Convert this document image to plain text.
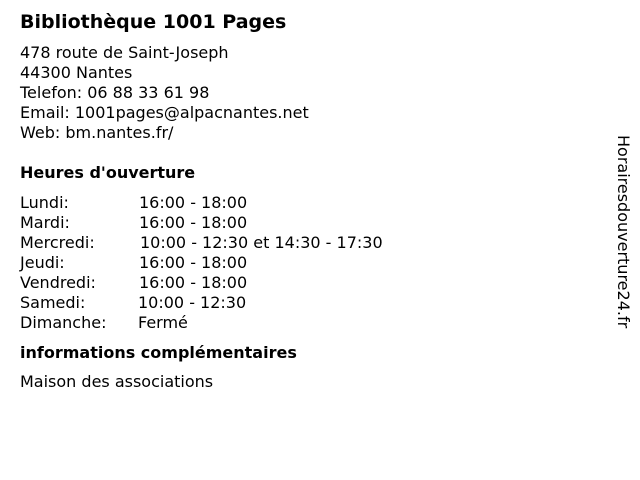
Bibliothèque 1001 Pages
478 route de Saint-Joseph
44300 Nantes
Telefon: 06 88 33 61 98
Email: 1001pages@alpacnantes.net
Web: bm.nantes.fr/
Heures d'ouverture
Lundi:	16:00 - 18:00
Mardi:	16:00 - 18:00
Mercredi:	10:00 - 12:30 et 14:30 - 17:30
Jeudi:	16:00 - 18:00
Vendredi:	16:00 - 18:00
Samedi:	10:00 - 12:30
Dimanche: Fermé
informations complémentaires
Maison des associations
Horairesdouverture24.fr
